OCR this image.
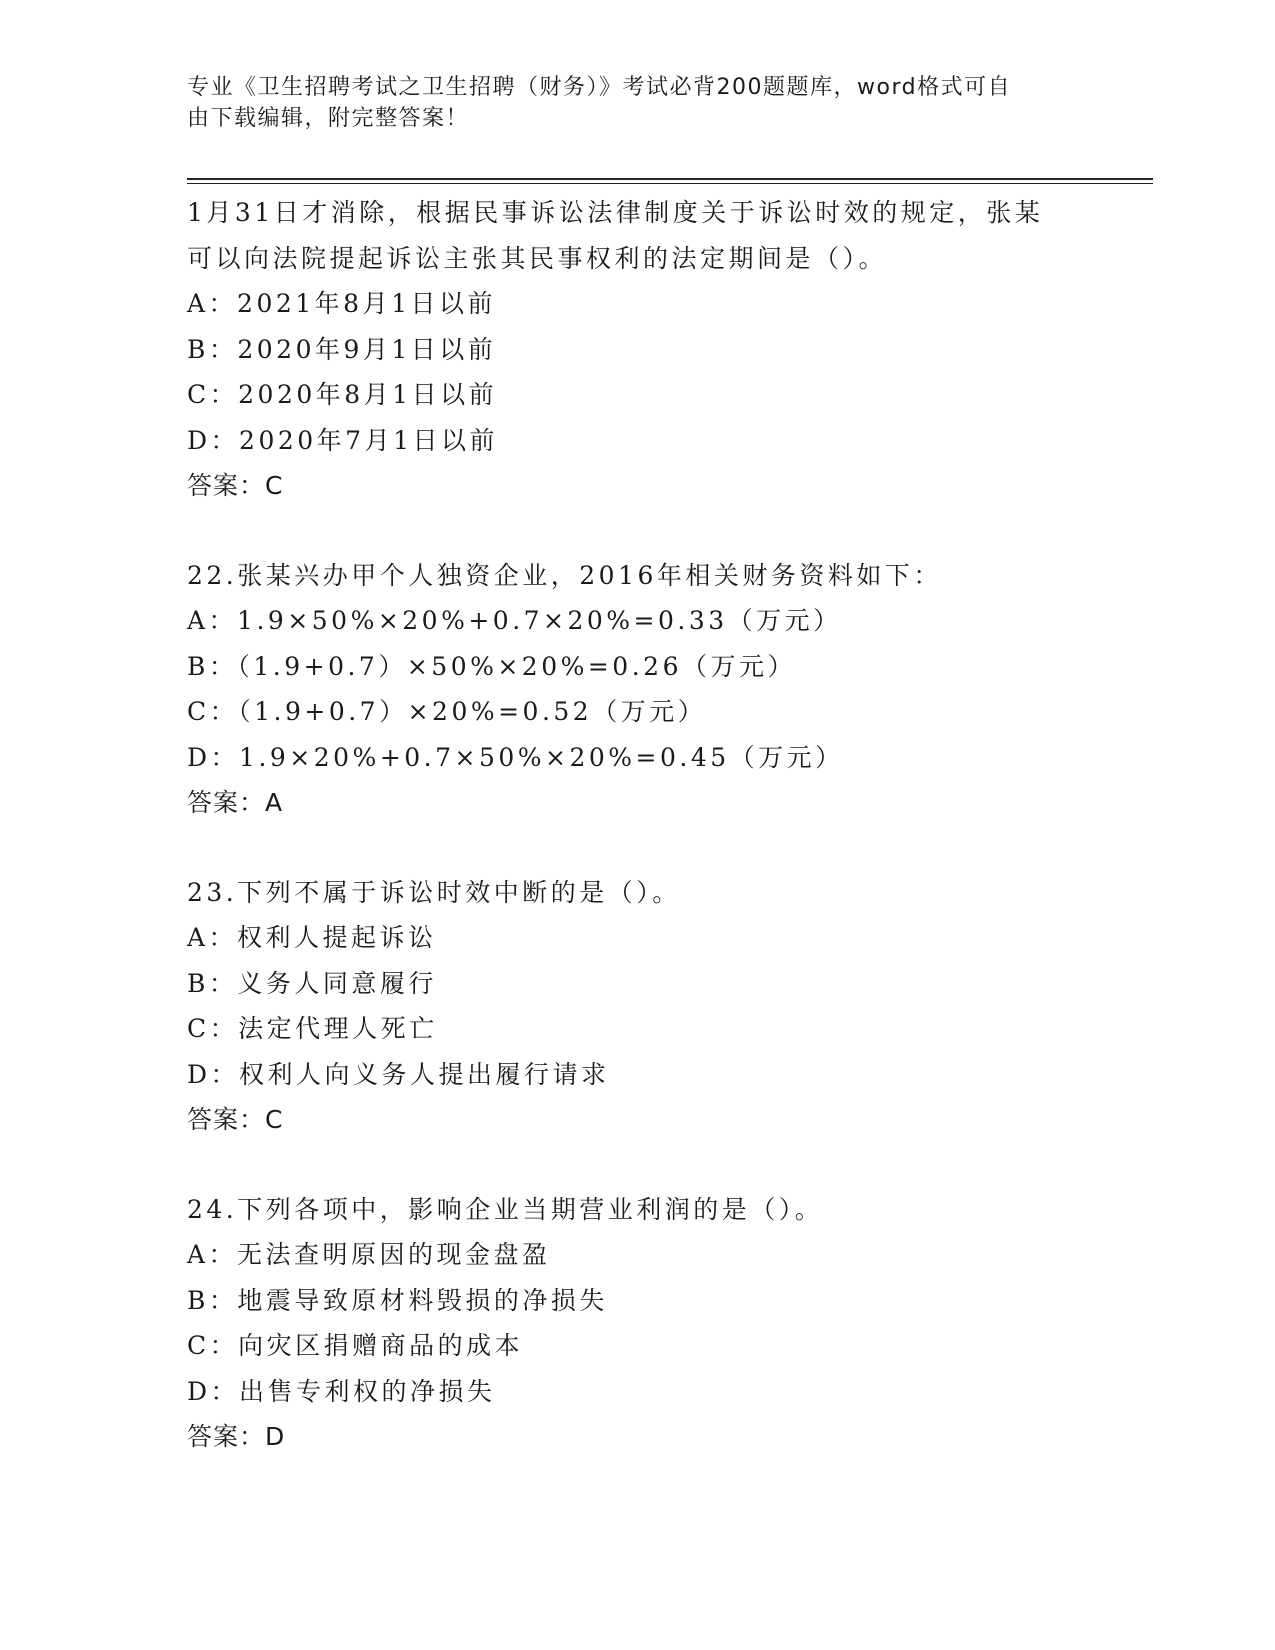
专业《卫生招聘考试之卫生招聘（财务）》考试必背200题题库，word格式可自
由下载编辑，附完整答案！
1月31日才消除，根据民事诉讼法律制度关于诉讼时效的规定，张某
可以向法院提起诉讼主张其民事权利的法定期间是（）。
A：2021年8月1日以前
B：2020年9月1日以前
C：2020年8月1日以前
D：2020年7月1日以前
答案：C
22.张某兴办甲个人独资企业，2016年相关财务资料如下：
A：1.9×50%×20%+0.7×20%=0.33（万元）
B：（1.9+0.7）×50%×20%=0.26（万元）
C：（1.9+0.7）×20%=0.52（万元）
D：1.9×20%+0.7×50%×20%=0.45（万元）
答案：A
23.下列不属于诉讼时效中断的是（）。
A：权利人提起诉讼
B：义务人同意履行
C：法定代理人死亡
D：权利人向义务人提出履行请求
答案：C
24.下列各项中，影响企业当期营业利润的是（）。
A：无法查明原因的现金盘盈
B：地震导致原材料毁损的净损失
C：向灾区捐赠商品的成本
D：出售专利权的净损失
答案：D
